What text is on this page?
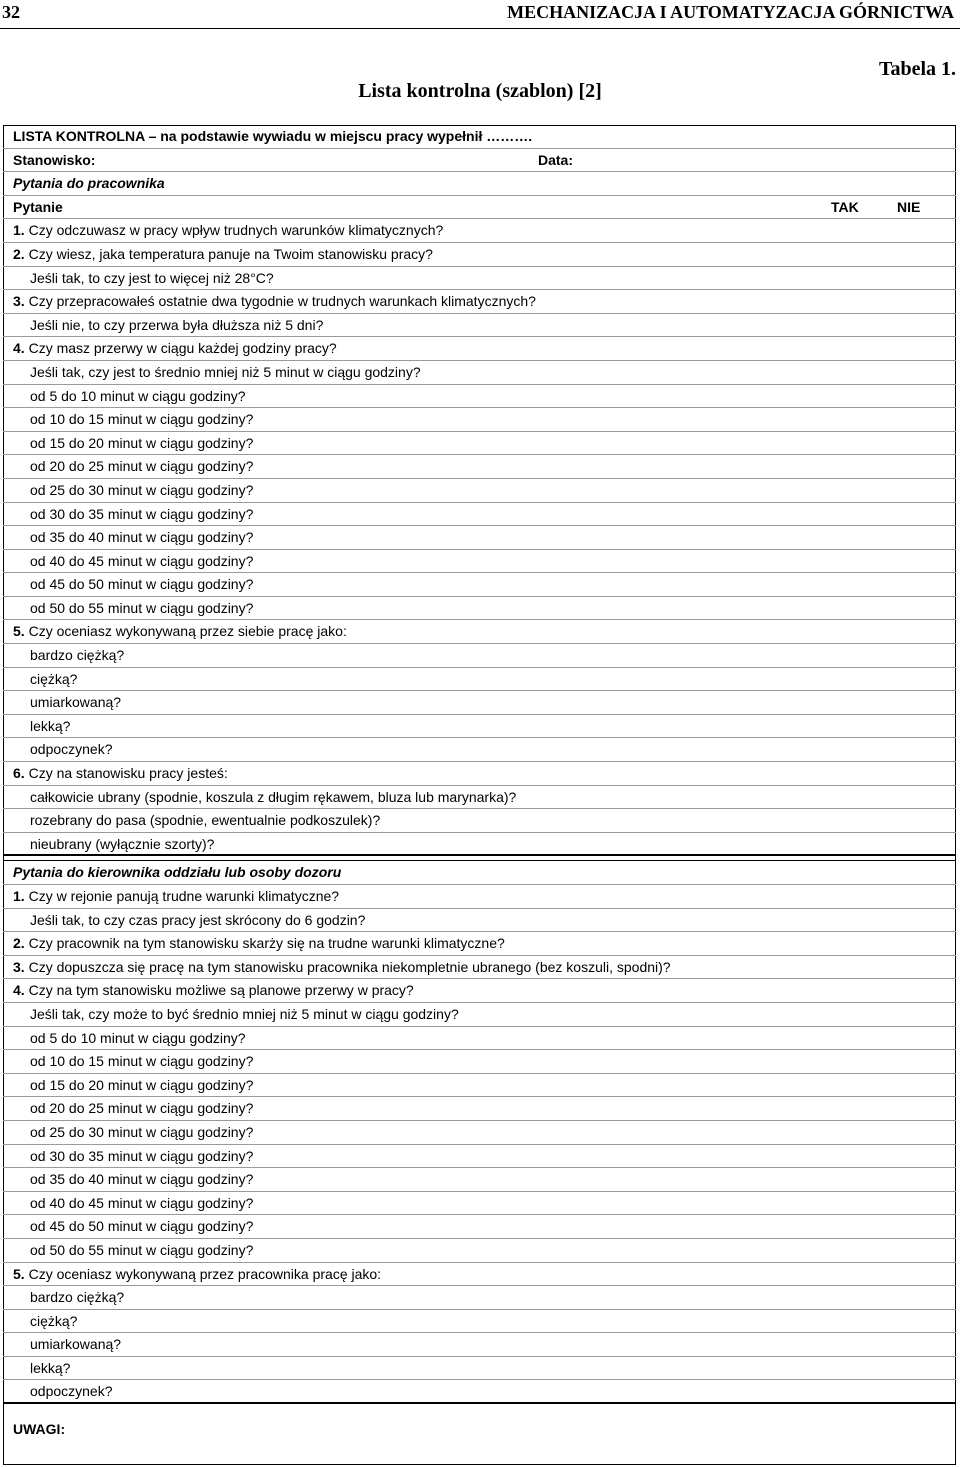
32	MECHANIZACJA I AUTOMATYZACJA GÓRNICTWA
Tabela 1.
Lista kontrolna (szablon) [2]
LISTA KONTROLNA – na podstawie wywiadu w miejscu pracy wypełnił ……….
Stanowisko:	Data:
Pytania do pracownika
Pytanie	TAK	NIE
1. Czy odczuwasz w pracy wpływ trudnych warunków klimatycznych?
2. Czy wiesz, jaka temperatura panuje na Twoim stanowisku pracy?
Jeśli tak, to czy jest to więcej niż 28°C?
3. Czy przepracowałeś ostatnie dwa tygodnie w trudnych warunkach klimatycznych?
Jeśli nie, to czy przerwa była dłuższa niż 5 dni?
4. Czy masz przerwy w ciągu każdej godziny pracy?
Jeśli tak, czy jest to średnio mniej niż 5 minut w ciągu godziny?
od 5 do 10 minut w ciągu godziny?
od 10 do 15 minut w ciągu godziny?
od 15 do 20 minut w ciągu godziny?
od 20 do 25 minut w ciągu godziny?
od 25 do 30 minut w ciągu godziny?
od 30 do 35 minut w ciągu godziny?
od 35 do 40 minut w ciągu godziny?
od 40 do 45 minut w ciągu godziny?
od 45 do 50 minut w ciągu godziny?
od 50 do 55 minut w ciągu godziny?
5. Czy oceniasz wykonywaną przez siebie pracę jako:
bardzo ciężką?
ciężką?
umiarkowaną?
lekką?
odpoczynek?
6. Czy na stanowisku pracy jesteś:
całkowicie ubrany (spodnie, koszula z długim rękawem, bluza lub marynarka)?
rozebrany do pasa (spodnie, ewentualnie podkoszulek)?
nieubrany (wyłącznie szorty)?
Pytania do kierownika oddziału lub osoby dozoru
1. Czy w rejonie panują trudne warunki klimatyczne?
Jeśli tak, to czy czas pracy jest skrócony do 6 godzin?
2. Czy pracownik na tym stanowisku skarży się na trudne warunki klimatyczne?
3. Czy dopuszcza się pracę na tym stanowisku pracownika niekompletnie ubranego (bez koszuli, spodni)?
4. Czy na tym stanowisku możliwe są planowe przerwy w pracy?
Jeśli tak, czy może to być średnio mniej niż 5 minut w ciągu godziny?
od 5 do 10 minut w ciągu godziny?
od 10 do 15 minut w ciągu godziny?
od 15 do 20 minut w ciągu godziny?
od 20 do 25 minut w ciągu godziny?
od 25 do 30 minut w ciągu godziny?
od 30 do 35 minut w ciągu godziny?
od 35 do 40 minut w ciągu godziny?
od 40 do 45 minut w ciągu godziny?
od 45 do 50 minut w ciągu godziny?
od 50 do 55 minut w ciągu godziny?
5. Czy oceniasz wykonywaną przez pracownika pracę jako:
bardzo ciężką?
ciężką?
umiarkowaną?
lekką?
odpoczynek?
UWAGI:
